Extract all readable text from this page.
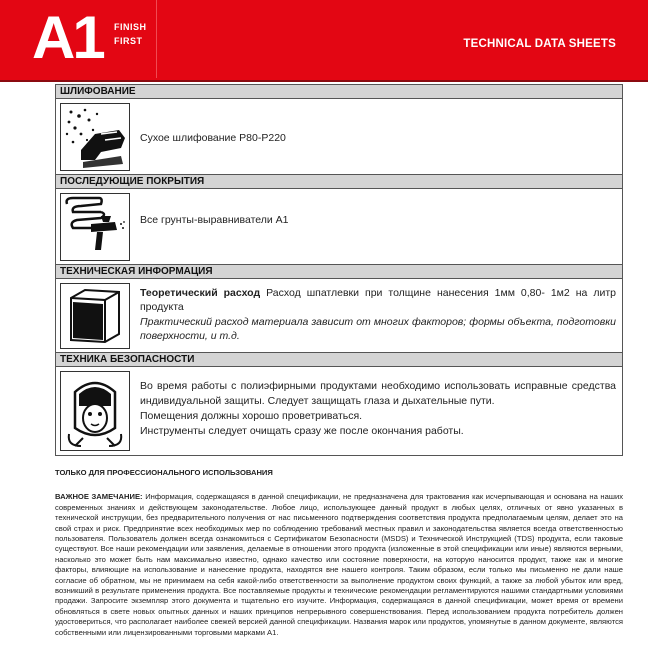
A1 FINISH
FIRST	TECHNICAL DATA SHEETS
ШЛИФОВАНИЕ
Сухое шлифование P80-P220
ПОСЛЕДУЮЩИЕ ПОКРЫТИЯ
Все грунты-выравниватели A1
ТЕХНИЧЕСКАЯ ИНФОРМАЦИЯ
Теоретический расход Расход шпатлевки при толщине нанесения 1мм 0,80- 1м2 на литр продукта
Практический расход материала зависит от многих факторов; формы объекта, подготовки поверхности, и т.д.
ТЕХНИКА БЕЗОПАСНОСТИ
Во время работы с полиэфирными продуктами необходимо использовать исправные средства индивидуальной защиты. Следует защищать глаза и дыхательные пути.
Помещения должны хорошо проветриваться.
Инструменты следует очищать сразу же после окончания работы.
ТОЛЬКО ДЛЯ ПРОФЕССИОНАЛЬНОГО ИСПОЛЬЗОВАНИЯ
ВАЖНОЕ ЗАМЕЧАНИЕ: Информация, содержащаяся в данной спецификации, не предназначена для трактования как исчерпывающая и основана на наших современных знаниях и действующем законодательстве. Любое лицо, использующее данный продукт в любых целях, отличных от явно указанных в технической инструкции, без предварительного получения от нас письменного подтверждения соответствия продукта предполагаемым целям, делает это на свой страх и риск. Предпринятие всех необходимых мер по соблюдению требований местных правил и законодательства является всегда ответственностью пользователя. Пользователь должен всегда ознакомиться с Сертификатом Безопасности (MSDS) и Технической Инструкцией (TDS) продукта, если таковые существуют. Все наши рекомендации или заявления, делаемые в отношении этого продукта (изложенные в этой спецификации или иные) являются верными, насколько это может быть нам максимально известно, однако качество или состояние поверхности, на которую наносится продукт, также как и многие факторы, влияющие на использование и нанесение продукта, находятся вне нашего контроля. Таким образом, если только мы письменно не дали наше согласие об обратном, мы не принимаем на себя какой-либо ответственности за выполнение продуктом своих функций, а также за любой убыток или вред, возникший в результате применения продукта. Все поставляемые продукты и технические рекомендации регламентируются нашими стандартными условиями продажи. Запросите экземпляр этого документа и тщательно его изучите. Информация, содержащаяся в данной спецификации, может время от времени обновляться в свете новых опытных данных и наших принципов непрерывного совершенствования. Перед использованием продукта потребитель должен удостовериться, что располагает наиболее свежей версией данной спецификации. Названия марок или продуктов, упомянутые в данном документе, являются собственными или лицензированными торговыми марками A1.
